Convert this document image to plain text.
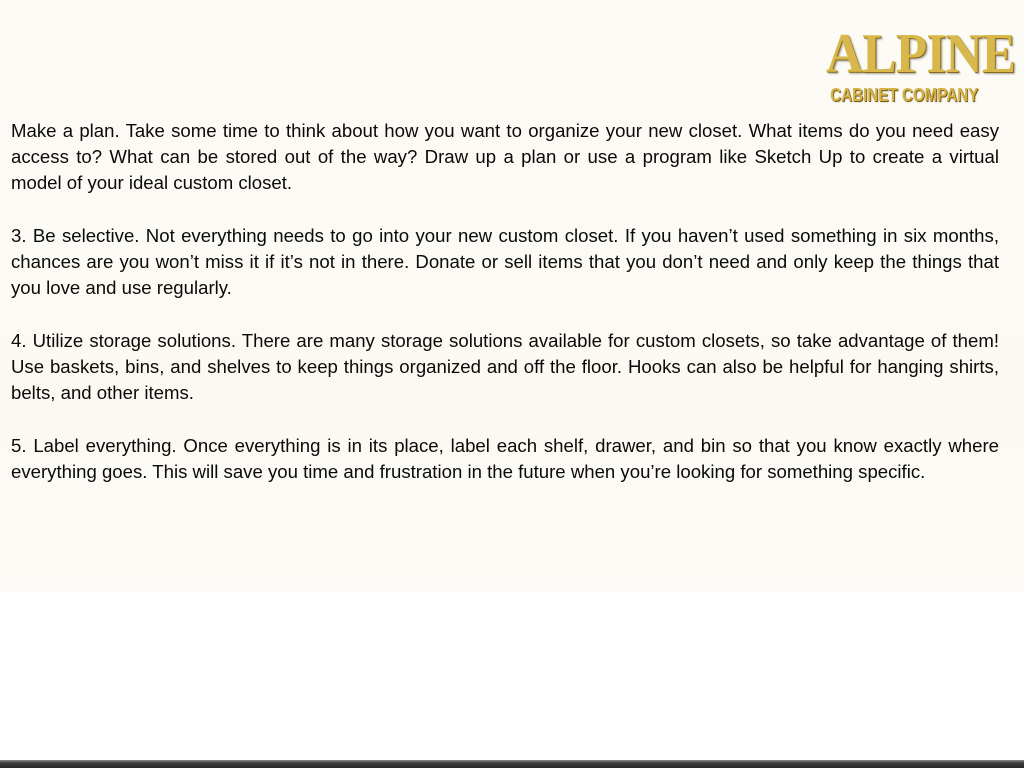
ALPINE
CABINET COMPANY

Make a plan. Take some time to think about how you want to organize your new closet. What items do you need easy access to? What can be stored out of the way? Draw up a plan or use a program like Sketch Up to create a virtual model of your ideal custom closet.

3. Be selective. Not everything needs to go into your new custom closet. If you haven’t used something in six months, chances are you won’t miss it if it’s not in there. Donate or sell items that you don’t need and only keep the things that you love and use regularly.

4. Utilize storage solutions. There are many storage solutions available for custom closets, so take advantage of them! Use baskets, bins, and shelves to keep things organized and off the floor. Hooks can also be helpful for hanging shirts, belts, and other items.

5. Label everything. Once everything is in its place, label each shelf, drawer, and bin so that you know exactly where everything goes. This will save you time and frustration in the future when you’re looking for something specific.
